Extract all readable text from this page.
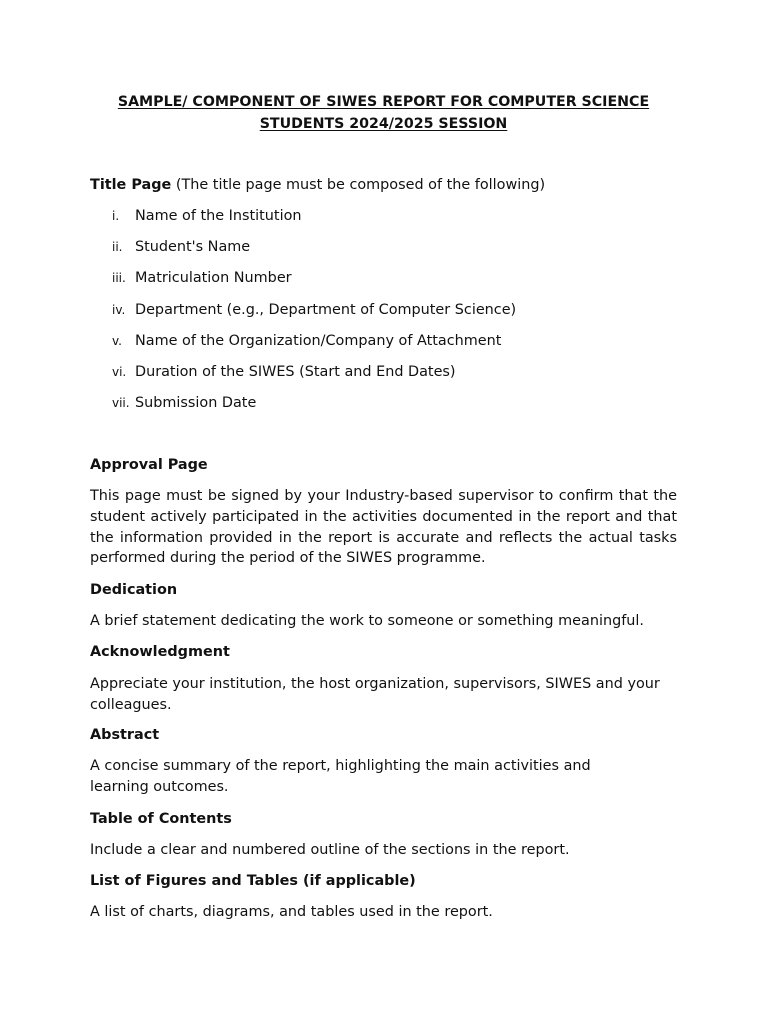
SAMPLE/ COMPONENT OF SIWES REPORT FOR COMPUTER SCIENCE
STUDENTS 2024/2025 SESSION

Title Page (The title page must be composed of the following)

i.	Name of the Institution
ii. Student's Name
iii. Matriculation Number
iv. Department (e.g., Department of Computer Science)
v. Name of the Organization/Company of Attachment
vi. Duration of the SIWES (Start and End Dates)
vii. Submission Date

Approval Page

This page must be signed by your Industry-based supervisor to confirm that the student actively participated in the activities documented in the report and that the information provided in the report is accurate and reflects the actual tasks performed during the period of the SIWES programme.

Dedication

A brief statement dedicating the work to someone or something meaningful.

Acknowledgment

Appreciate your institution, the host organization, supervisors, SIWES and your colleagues.

Abstract

A concise summary of the report, highlighting the main activities and learning outcomes.

Table of Contents

Include a clear and numbered outline of the sections in the report.

List of Figures and Tables (if applicable)

A list of charts, diagrams, and tables used in the report.
